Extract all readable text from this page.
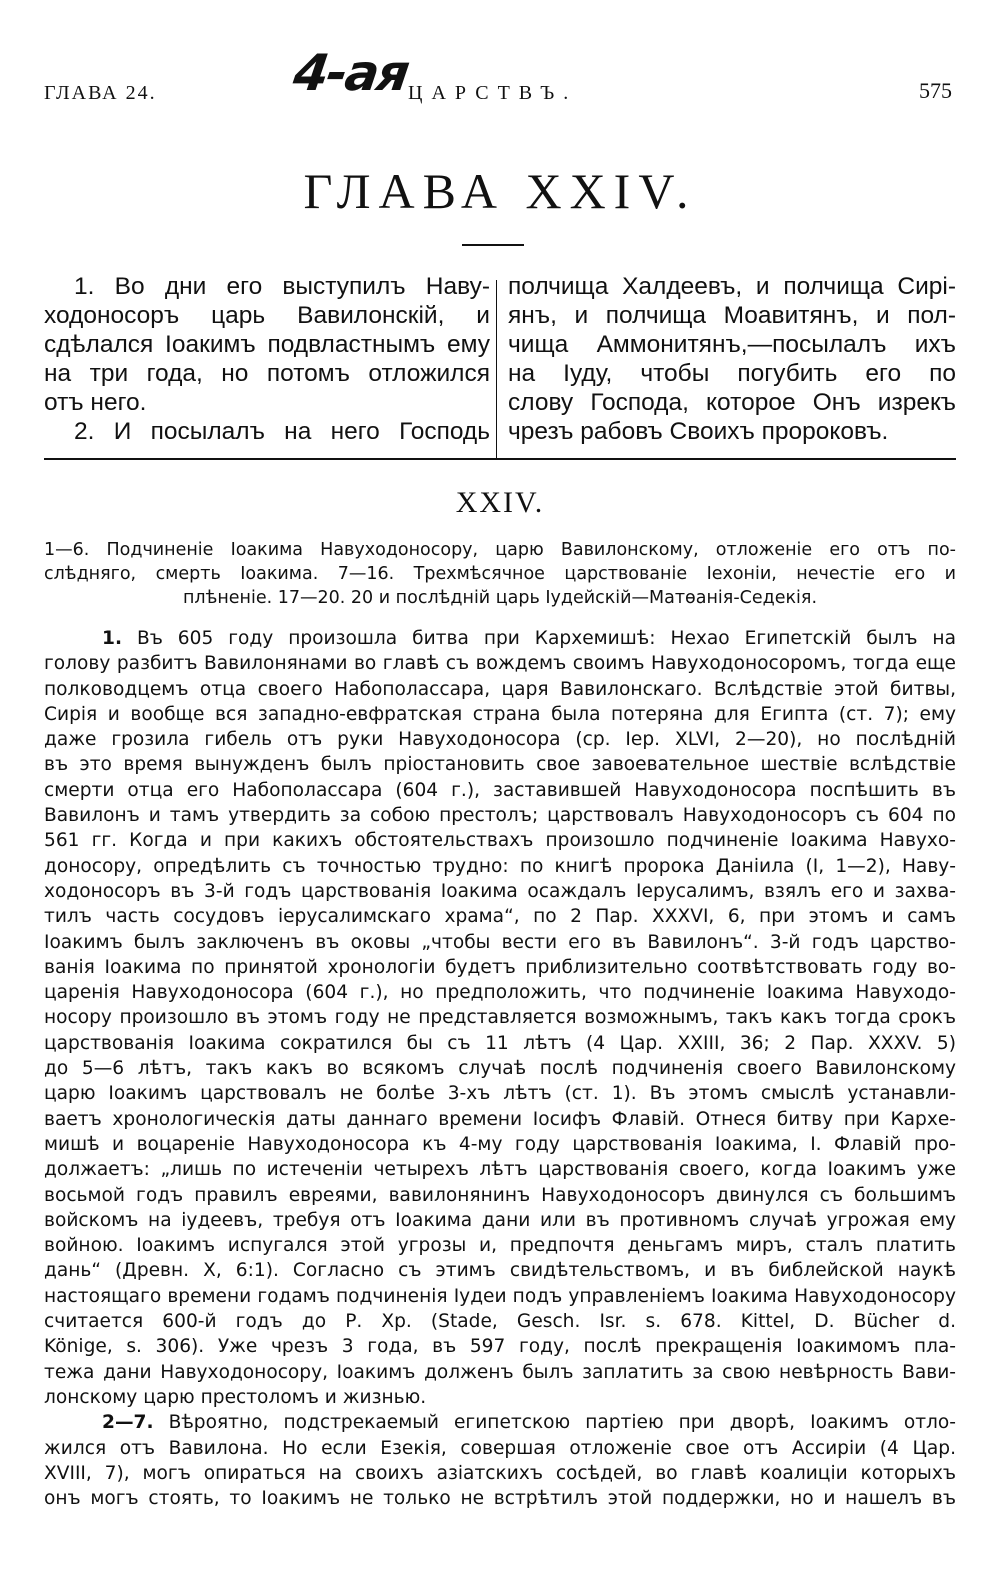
ГЛАВА 24.	4-ая
ЦАРСТВЪ.	575
ГЛАВА XXIV.
1. Во дни его выступилъ Наву-
ходоносоръ царь Вавилонскій, и
сдѣлался Іоакимъ подвластнымъ ему
на три года, но потомъ отложился
отъ него.
2. И посылалъ на него Господь
полчища Халдеевъ, и полчища Сирі-
янъ, и полчища Моавитянъ, и пол-
чища Аммонитянъ,—посылалъ ихъ
на Іуду, чтобы погубить его по
слову Господа, которое Онъ изрекъ
чрезъ рабовъ Своихъ пророковъ.
XXIV.
1—6. Подчиненіе Іоакима Навуходоносору, царю Вавилонскому, отложеніе его отъ по-
слѣдняго, смерть Іоакима. 7—16. Трехмѣсячное царствованіе Іехоніи, нечестіе его и
плѣненіе. 17—20. 20 и послѣдній царь Іудейскій—Матѳанія-Седекія.
1. Въ 605 году произошла битва при Кархемишѣ: Нехао Египетскій былъ на
голову разбитъ Вавилонянами во главѣ съ вождемъ своимъ Навуходоносоромъ, тогда еще
полководцемъ отца своего Набополассара, царя Вавилонскаго. Вслѣдствіе этой битвы,
Сирія и вообще вся западно-евфратская страна была потеряна для Египта (ст. 7); ему
даже грозила гибель отъ руки Навуходоносора (ср. Іер. XLVI, 2—20), но послѣдній
въ это время вынужденъ былъ пріостановить свое завоевательное шествіе вслѣдствіе
смерти отца его Набополассара (604 г.), заставившей Навуходоносора поспѣшить въ
Вавилонъ и тамъ утвердить за собою престолъ; царствовалъ Навуходоносоръ съ 604 по
561 гг. Когда и при какихъ обстоятельствахъ произошло подчиненіе Іоакима Навухо-
доносору, опредѣлить съ точностью трудно: по книгѣ пророка Даніила (I, 1—2), Наву-
ходоносоръ въ 3-й годъ царствованія Іоакима осаждалъ Іерусалимъ, взялъ его и захва-
тилъ часть сосудовъ іерусалимскаго храма“, по 2 Пар. XXXVI, 6, при этомъ и самъ
Іоакимъ былъ заключенъ въ оковы „чтобы вести его въ Вавилонъ“. 3-й годъ царство-
ванія Іоакима по принятой хронологіи будетъ приблизительно соотвѣтствовать году во-
царенія Навуходоносора (604 г.), но предположить, что подчиненіе Іоакима Навуходо-
носору произошло въ этомъ году не представляется возможнымъ, такъ какъ тогда срокъ
царствованія Іоакима сократился бы съ 11 лѣтъ (4 Цар. XXIII, 36; 2 Пар. XXXV. 5)
до 5—6 лѣтъ, такъ какъ во всякомъ случаѣ послѣ подчиненія своего Вавилонскому
царю Іоакимъ царствовалъ не болѣе 3-хъ лѣтъ (ст. 1). Въ этомъ смыслѣ устанавли-
ваетъ хронологическія даты даннаго времени Іосифъ Флавій. Отнеся битву при Кархе-
мишѣ и воцареніе Навуходоносора къ 4-му году царствованія Іоакима, I. Флавій про-
должаетъ: „лишь по истеченіи четырехъ лѣтъ царствованія своего, когда Іоакимъ уже
восьмой годъ правилъ евреями, вавилонянинъ Навуходоносоръ двинулся съ большимъ
войскомъ на іудеевъ, требуя отъ Іоакима дани или въ противномъ случаѣ угрожая ему
войною. Іоакимъ испугался этой угрозы и, предпочтя деньгамъ миръ, сталъ платить
дань“ (Древн. X, 6:1). Согласно съ этимъ свидѣтельствомъ, и въ библейской наукѣ
настоящаго времени годамъ подчиненія Іудеи подъ управленіемъ Іоакима Навуходоносору
считается 600-й годъ до Р. Хр. (Stade, Gesch. Isr. s. 678. Kittel, D. Bücher d.
Könige, s. 306). Уже чрезъ 3 года, въ 597 году, послѣ прекращенія Іоакимомъ пла-
тежа дани Навуходоносору, Іоакимъ долженъ былъ заплатить за свою невѣрность Вави-
лонскому царю престоломъ и жизнью.
2—7. Вѣроятно, подстрекаемый египетскою партіею при дворѣ, Іоакимъ отло-
жился отъ Вавилона. Но если Езекія, совершая отложеніе свое отъ Ассиріи (4 Цар.
XVIII, 7), могъ опираться на своихъ азіатскихъ сосѣдей, во главѣ коалиціи которыхъ
онъ могъ стоять, то Іоакимъ не только не встрѣтилъ этой поддержки, но и нашелъ въ
